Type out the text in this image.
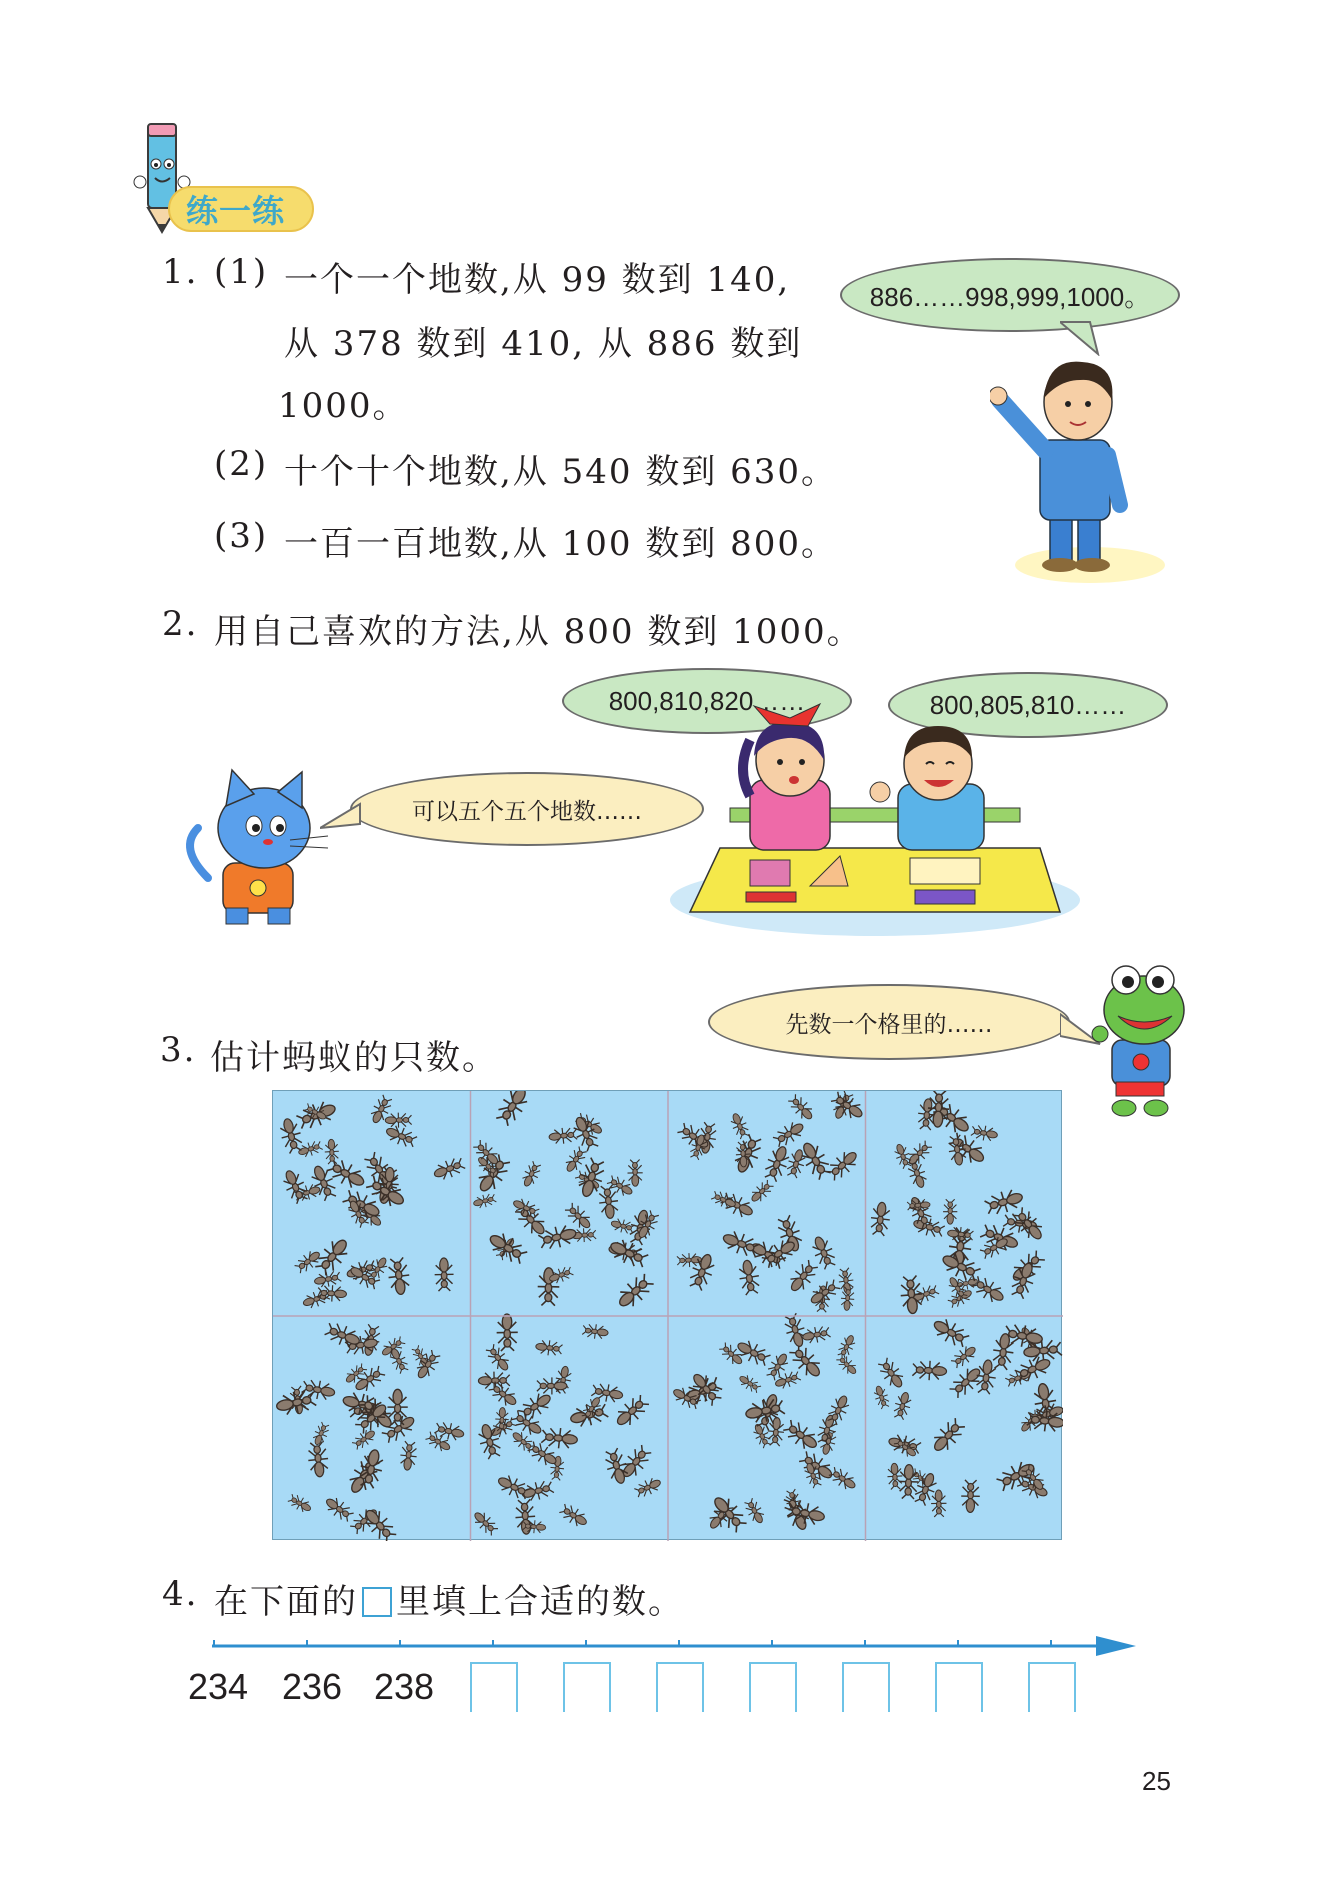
练一练
1. (1) 一个一个地数,从 99 数到 140,
从 378 数到 410, 从 886 数到
1000。
(2) 十个十个地数,从 540 数到 630。
(3) 一百一百地数,从 100 数到 800。
886……998,999,1000。
2. 用自己喜欢的方法,从 800 数到 1000。
800,810,820……	800,805,810……
可以五个五个地数……
3. 估计蚂蚁的只数。
先数一个格里的……
4. 在下面的 里填上合适的数。
234 236 238
25
